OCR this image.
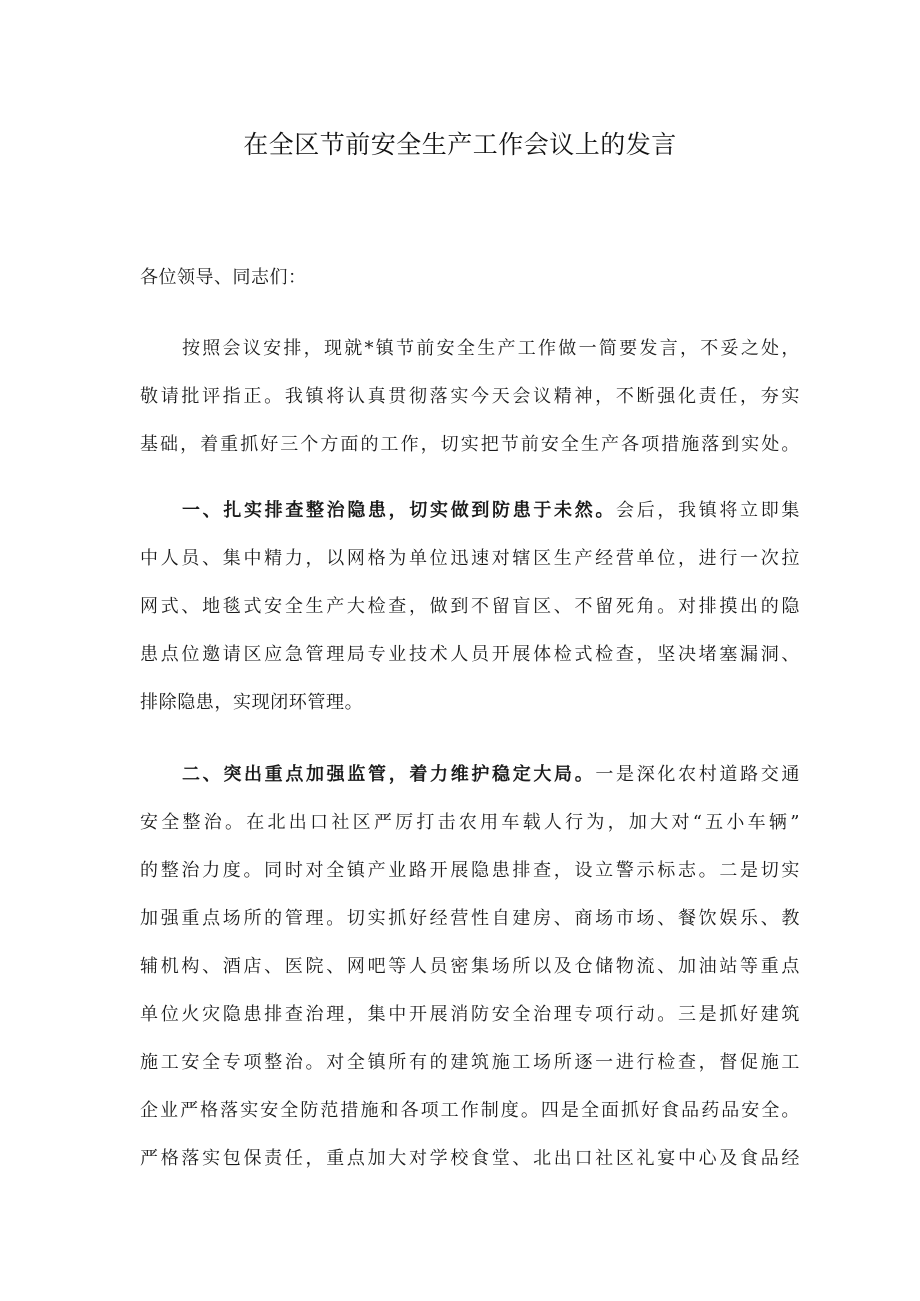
在全区节前安全生产工作会议上的发言
各位领导、同志们：
按照会议安排，现就*镇节前安全生产工作做一简要发言，不妥之处，
敬请批评指正。我镇将认真贯彻落实今天会议精神，不断强化责任，夯实
基础，着重抓好三个方面的工作，切实把节前安全生产各项措施落到实处。
一、扎实排查整治隐患，切实做到防患于未然。会后，我镇将立即集
中人员、集中精力，以网格为单位迅速对辖区生产经营单位，进行一次拉
网式、地毯式安全生产大检查，做到不留盲区、不留死角。对排摸出的隐
患点位邀请区应急管理局专业技术人员开展体检式检查，坚决堵塞漏洞、
排除隐患，实现闭环管理。
二、突出重点加强监管，着力维护稳定大局。一是深化农村道路交通
安全整治。在北出口社区严厉打击农用车载人行为，加大对“五小车辆”
的整治力度。同时对全镇产业路开展隐患排查，设立警示标志。二是切实
加强重点场所的管理。切实抓好经营性自建房、商场市场、餐饮娱乐、教
辅机构、酒店、医院、网吧等人员密集场所以及仓储物流、加油站等重点
单位火灾隐患排查治理，集中开展消防安全治理专项行动。三是抓好建筑
施工安全专项整治。对全镇所有的建筑施工场所逐一进行检查，督促施工
企业严格落实安全防范措施和各项工作制度。四是全面抓好食品药品安全。
严格落实包保责任，重点加大对学校食堂、北出口社区礼宴中心及食品经
